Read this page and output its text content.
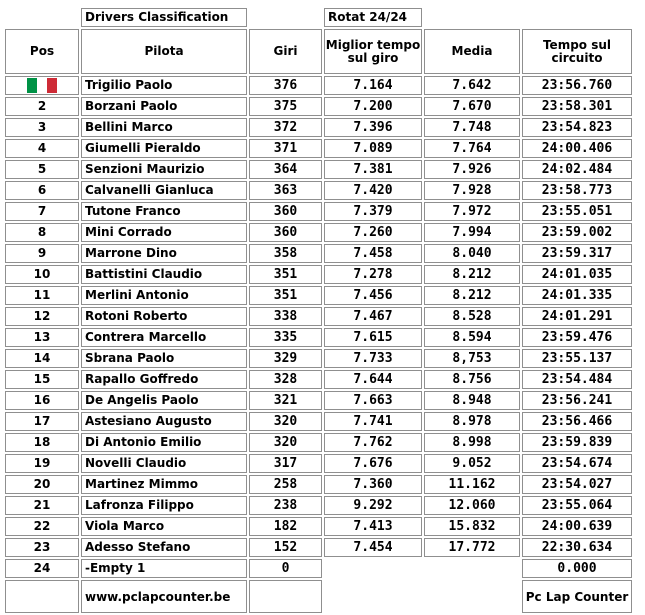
	Drivers Classification		Rotat 24/24		
Pos	Pilota	Giri	Miglior tempo sul giro	Media	Tempo sul circuito

	Trigilio Paolo	376	7.164	7.642	23:56.760
2	Borzani Paolo	375	7.200	7.670	23:58.301
3	Bellini Marco	372	7.396	7.748	23:54.823
4	Giumelli Pieraldo	371	7.089	7.764	24:00.406
5	Senzioni Maurizio	364	7.381	7.926	24:02.484
6	Calvanelli Gianluca	363	7.420	7.928	23:58.773
7	Tutone Franco	360	7.379	7.972	23:55.051
8	Mini Corrado	360	7.260	7.994	23:59.002
9	Marrone Dino	358	7.458	8.040	23:59.317
10	Battistini Claudio	351	7.278	8.212	24:01.035
11	Merlini Antonio	351	7.456	8.212	24:01.335
12	Rotoni Roberto	338	7.467	8.528	24:01.291
13	Contrera Marcello	335	7.615	8.594	23:59.476
14	Sbrana Paolo	329	7.733	8,753	23:55.137
15	Rapallo Goffredo	328	7.644	8.756	23:54.484
16	De Angelis Paolo	321	7.663	8.948	23:56.241
17	Astesiano Augusto	320	7.741	8.978	23:56.466
18	Di Antonio Emilio	320	7.762	8.998	23:59.839
19	Novelli Claudio	317	7.676	9.052	23:54.674
20	Martinez Mimmo	258	7.360	11.162	23:54.027
21	Lafronza Filippo	238	9.292	12.060	23:55.064
22	Viola Marco	182	7.413	15.832	24:00.639
23	Adesso Stefano	152	7.454	17.772	22:30.634
24	-Empty 1	0			0.000
	www.pclapcounter.be				Pc Lap Counter
